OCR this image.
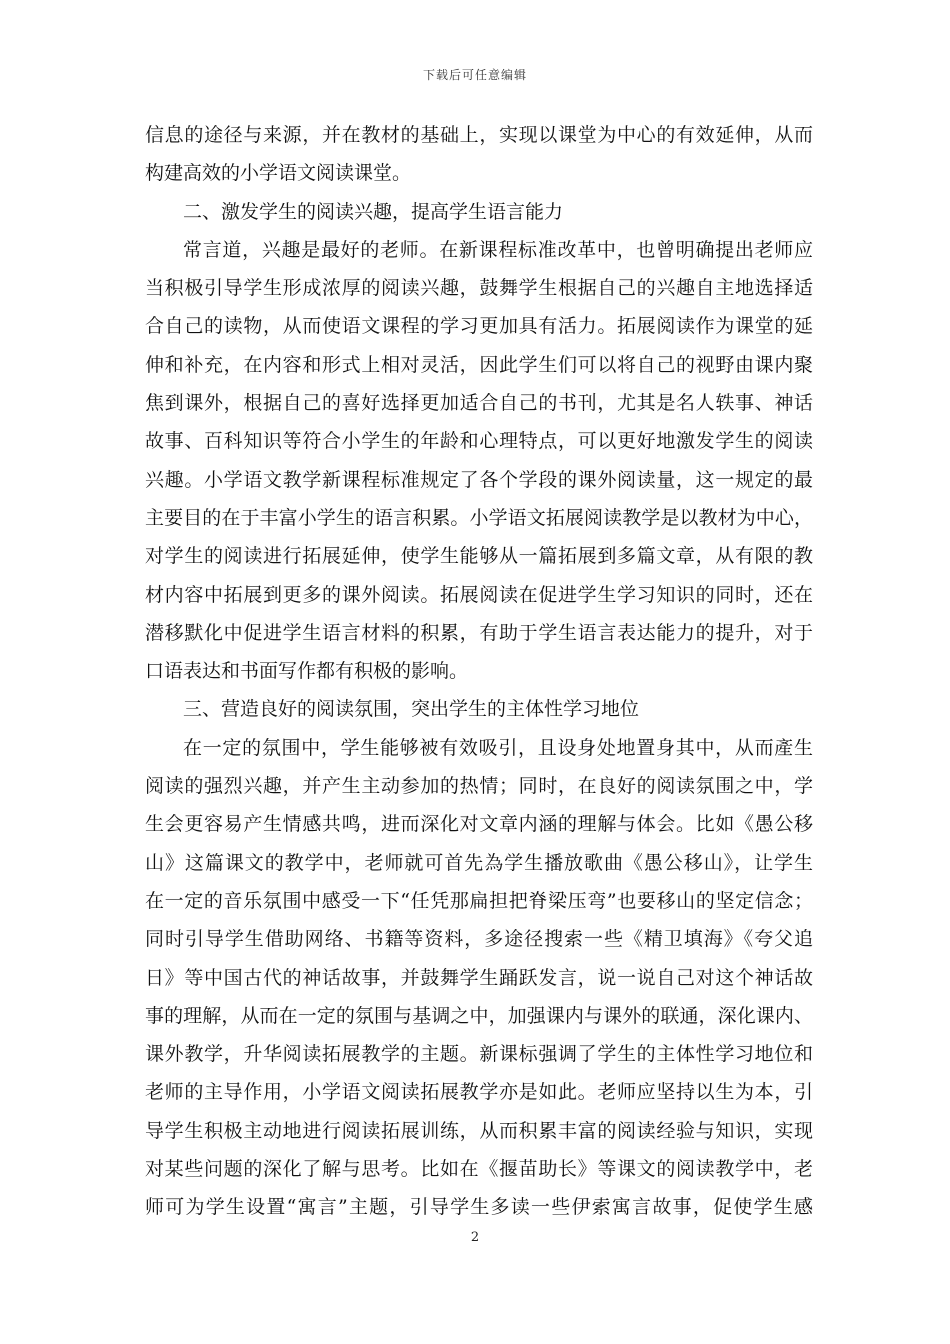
下载后可任意编辑
信息的途径与来源，并在教材的基础上，实现以课堂为中心的有效延伸，从而
构建高效的小学语文阅读课堂。
二、激发学生的阅读兴趣，提高学生语言能力
常言道，兴趣是最好的老师。在新课程标准改革中，也曾明确提出老师应
当积极引导学生形成浓厚的阅读兴趣，鼓舞学生根据自己的兴趣自主地选择适
合自己的读物，从而使语文课程的学习更加具有活力。拓展阅读作为课堂的延
伸和补充，在内容和形式上相对灵活，因此学生们可以将自己的视野由课内聚
焦到课外，根据自己的喜好选择更加适合自己的书刊，尤其是名人轶事、神话
故事、百科知识等符合小学生的年龄和心理特点，可以更好地激发学生的阅读
兴趣。小学语文教学新课程标准规定了各个学段的课外阅读量，这一规定的最
主要目的在于丰富小学生的语言积累。小学语文拓展阅读教学是以教材为中心，
对学生的阅读进行拓展延伸，使学生能够从一篇拓展到多篇文章，从有限的教
材内容中拓展到更多的课外阅读。拓展阅读在促进学生学习知识的同时，还在
潜移默化中促进学生语言材料的积累，有助于学生语言表达能力的提升，对于
口语表达和书面写作都有积极的影响。
三、营造良好的阅读氛围，突出学生的主体性学习地位
在一定的氛围中，学生能够被有效吸引，且设身处地置身其中，从而產生
阅读的强烈兴趣，并产生主动参加的热情；同时，在良好的阅读氛围之中，学
生会更容易产生情感共鸣，进而深化对文章内涵的理解与体会。比如《愚公移
山》这篇课文的教学中，老师就可首先為学生播放歌曲《愚公移山》，让学生
在一定的音乐氛围中感受一下“任凭那扁担把脊梁压弯”也要移山的坚定信念；
同时引导学生借助网络、书籍等资料，多途径搜索一些《精卫填海》《夸父追
日》等中国古代的神话故事，并鼓舞学生踊跃发言，说一说自己对这个神话故
事的理解，从而在一定的氛围与基调之中，加强课内与课外的联通，深化课内、
课外教学，升华阅读拓展教学的主题。新课标强调了学生的主体性学习地位和
老师的主导作用，小学语文阅读拓展教学亦是如此。老师应坚持以生为本，引
导学生积极主动地进行阅读拓展训练，从而积累丰富的阅读经验与知识，实现
对某些问题的深化了解与思考。比如在《揠苗助长》等课文的阅读教学中，老
师可为学生设置“寓言”主题，引导学生多读一些伊索寓言故事，促使学生感
2
